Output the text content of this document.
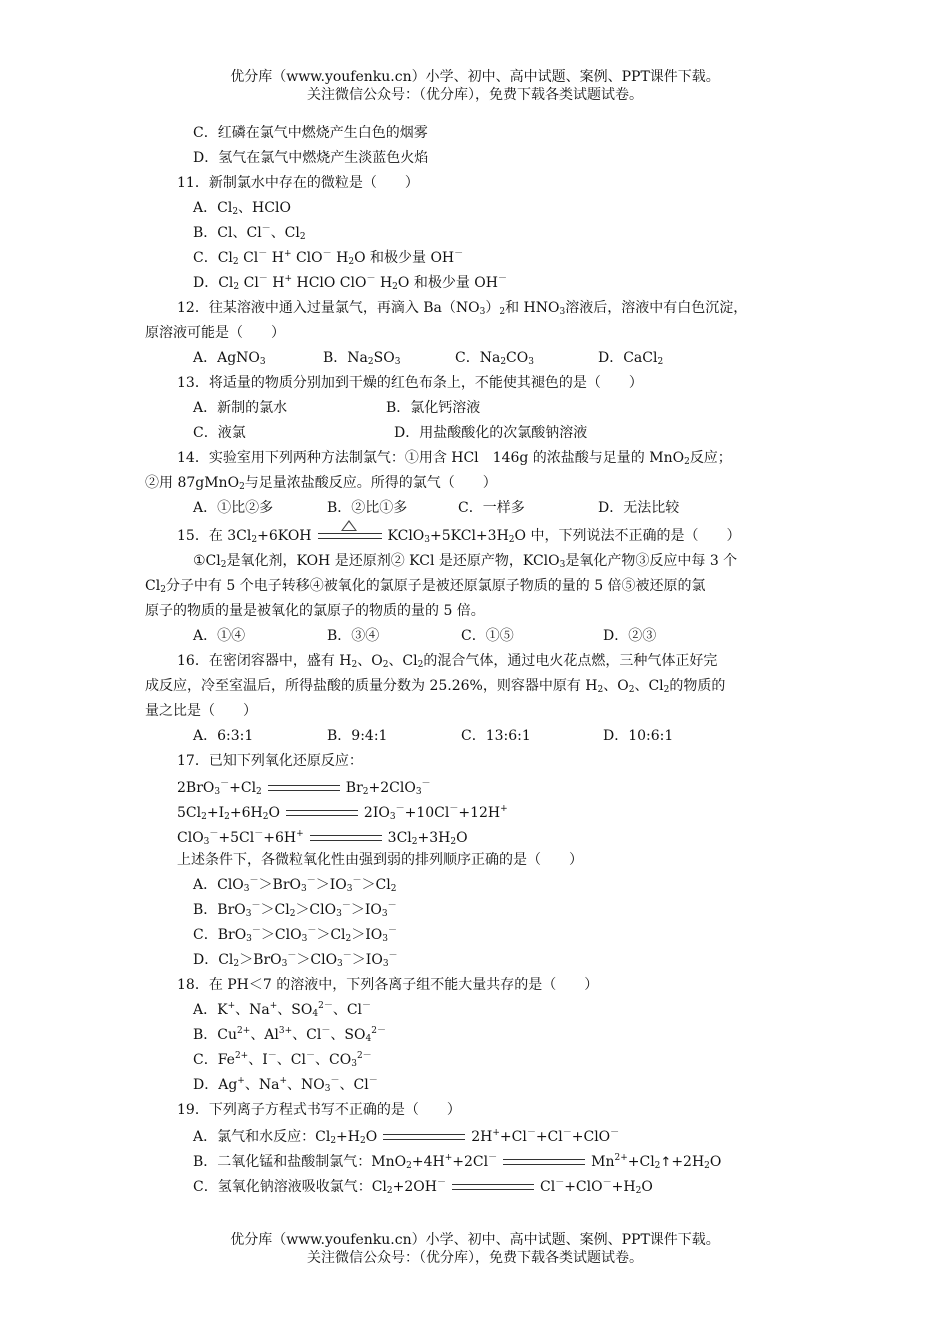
优分库（www.youfenku.cn）小学、初中、高中试题、案例、PPT课件下载。
关注微信公众号：（优分库），免费下载各类试题试卷。
C．红磷在氯气中燃烧产生白色的烟雾
D．氢气在氯气中燃烧产生淡蓝色火焰
11．新制氯水中存在的微粒是（　　）
A．$Cl_2$、HClO
B．Cl、Cl－、$Cl_2$
C．$Cl_2$ Cl－ H+ ClO－ $H_2O$ 和极少量 OH－
D．$Cl_2$ Cl－ H+ HClO ClO－ $H_2O$ 和极少量 OH－
12．往某溶液中通入过量氯气，再滴入 $Ba(NO_3)_2$和 $HNO_3$溶液后，溶液中有白色沉淀，
原溶液可能是（　　）
A．AgNO$_3$	B．$Na_2SO_3$	C．$Na_2CO_3$	D．CaCl$_2$
13．将适量的物质分别加到干燥的红色布条上，不能使其褪色的是（　　）
A．新制的氯水	B．氯化钙溶液
C．液氯	D．用盐酸酸化的次氯酸钠溶液
14．实验室用下列两种方法制氯气：①用含 HCl　146g 的浓盐酸与足量的 MnO$_2$反应；
②用 87gMnO$_2$与足量浓盐酸反应。所得的氯气（　　）
A．①比②多	B．②比①多	C．一样多	D．无法比较
15．在 $3Cl_2+6KOH$	$KClO_3+5KCl+3H_2O$ 中，下列说法不正确的是（　　）
$①Cl_2$是氧化剂，KOH 是还原剂② KCl 是还原产物，KClO$_3$是氧化产物③反应中每 3 个
$Cl_2$分子中有 5 个电子转移④被氧化的氯原子是被还原氯原子物质的量的 5 倍⑤被还原的氯
原子的物质的量是被氧化的氯原子的物质的量的 5 倍。
A．①④	B．③④	C．①⑤	D．②③
16．在密闭容器中，盛有 $H_2$、$O_2$、$Cl_2$的混合气体，通过电火花点燃，三种气体正好完
成反应，冷至室温后，所得盐酸的质量分数为 25.26%，则容器中原有 $H_2$、$O_2$、$Cl_2$的物质的
量之比是（　　）
A．6:3:1	B．9:4:1	C．13:6:1	D．10:6:1
17．已知下列氧化还原反应：
$2BrO_3^-+Cl_2$	$Br_2+2ClO_3^-$
$5Cl_2+I_2+6H_2O$	$2IO_3^-+10Cl^-+12H^+$
ClO$_3$－+5Cl－+6H+	$3Cl_2+3H_2O$
上述条件下，各微粒氧化性由强到弱的排列顺序正确的是（　　）
A．$ClO_3^->BrO_3^->IO_3^->Cl_2$
B．$BrO_3^->Cl_2>ClO_3^->IO_3^-$
C．$BrO_3^->ClO_3^->Cl_2>IO_3^-$
D．$Cl_2>BrO_3^->ClO_3^->IO_3^-$
18．在 PH＜7 的溶液中，下列各离子组不能大量共存的是（　　）
A．K+、Na+、$SO_4^{2-}$、Cl－
B．$Cu^{2+}$、$Al^{3+}$、Cl－、$SO_4^{2-}$
C．$Fe^{2+}$、I－、Cl－、$CO_3^{2-}$
D．Ag+、Na+、$NO_3^-$、Cl－
19．下列离子方程式书写不正确的是（　　）
A．氯气和水反应：$Cl_2+H_2O$	2H++Cl－+Cl－+ClO－
B．二氧化锰和盐酸制氯气：MnO$_2$+4H++2Cl－	$Mn^{2+}+Cl_2↑+2H_2O$
C．氢氧化钠溶液吸收氯气：$Cl_2+2OH^-$	$Cl^-+ClO^-+H_2O$
优分库（www.youfenku.cn）小学、初中、高中试题、案例、PPT课件下载。
关注微信公众号：（优分库），免费下载各类试题试卷。
